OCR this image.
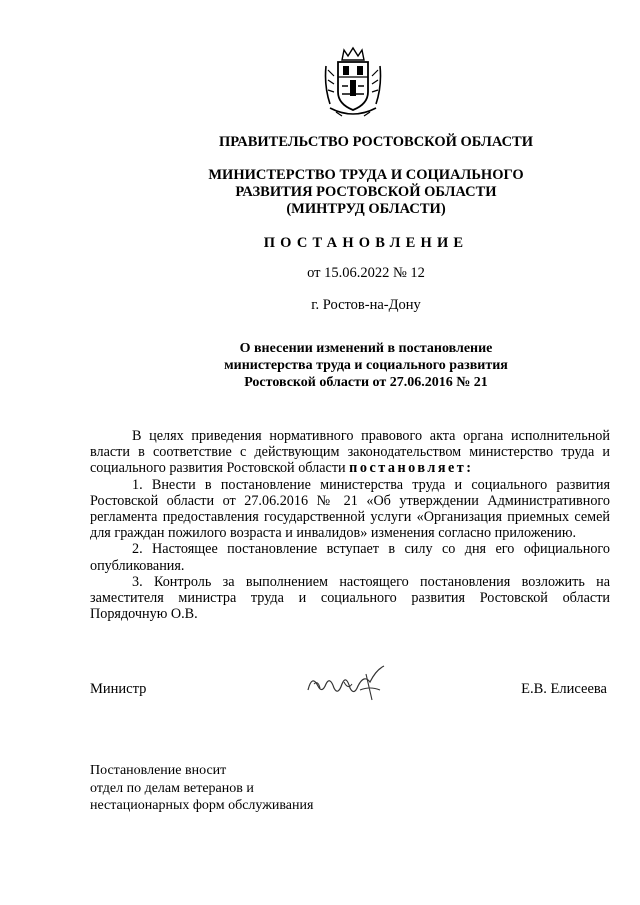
ПРАВИТЕЛЬСТВО РОСТОВСКОЙ ОБЛАСТИ
МИНИСТЕРСТВО ТРУДА И СОЦИАЛЬНОГО
РАЗВИТИЯ РОСТОВСКОЙ ОБЛАСТИ
(МИНТРУД ОБЛАСТИ)
ПОСТАНОВЛЕНИЕ
от 15.06.2022 № 12
г. Ростов-на-Дону
О внесении изменений в постановление
министерства труда и социального развития
Ростовской области от 27.06.2016 № 21

В целях приведения нормативного правового акта органа исполнительной власти в соответствие с действующим законодательством министерство труда и социального развития Ростовской области постановляет:

1. Внести в постановление министерства труда и социального развития Ростовской области от 27.06.2016 № 21 «Об утверждении Административного регламента предоставления государственной услуги «Организация приемных семей для граждан пожилого возраста и инвалидов» изменения согласно приложению.

2. Настоящее постановление вступает в силу со дня его официального опубликования.

3. Контроль за выполнением настоящего постановления возложить на заместителя министра труда и социального развития Ростовской области Порядочную О.В.

Министр	Е.В. Елисеева
Постановление вносит
отдел по делам ветеранов и
нестационарных форм обслуживания
